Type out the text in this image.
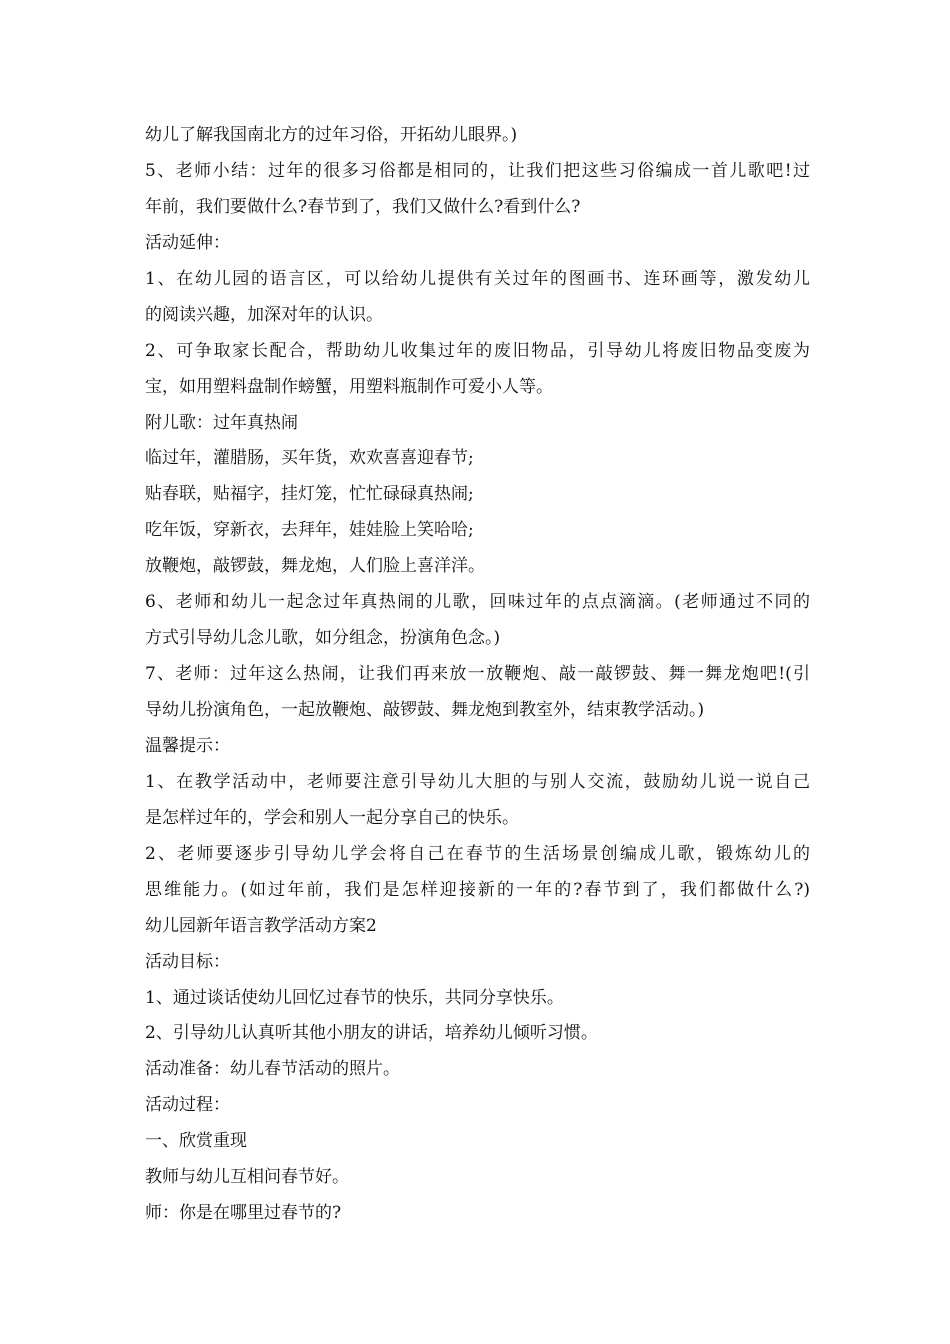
幼儿了解我国南北方的过年习俗，开拓幼儿眼界。)
5、老师小结：过年的很多习俗都是相同的，让我们把这些习俗编成一首儿歌吧!过
年前，我们要做什么?春节到了，我们又做什么?看到什么?
活动延伸：
1、在幼儿园的语言区，可以给幼儿提供有关过年的图画书、连环画等，激发幼儿
的阅读兴趣，加深对年的认识。
2、可争取家长配合，帮助幼儿收集过年的废旧物品，引导幼儿将废旧物品变废为
宝，如用塑料盘制作螃蟹，用塑料瓶制作可爱小人等。
附儿歌：过年真热闹
临过年，灌腊肠，买年货，欢欢喜喜迎春节;
贴春联，贴福字，挂灯笼，忙忙碌碌真热闹;
吃年饭，穿新衣，去拜年，娃娃脸上笑哈哈;
放鞭炮，敲锣鼓，舞龙炮，人们脸上喜洋洋。
6、老师和幼儿一起念过年真热闹的儿歌，回味过年的点点滴滴。(老师通过不同的
方式引导幼儿念儿歌，如分组念，扮演角色念。)
7、老师：过年这么热闹，让我们再来放一放鞭炮、敲一敲锣鼓、舞一舞龙炮吧!(引
导幼儿扮演角色，一起放鞭炮、敲锣鼓、舞龙炮到教室外，结束教学活动。)
温馨提示：
1、在教学活动中，老师要注意引导幼儿大胆的与别人交流，鼓励幼儿说一说自己
是怎样过年的，学会和别人一起分享自己的快乐。
2、老师要逐步引导幼儿学会将自己在春节的生活场景创编成儿歌，锻炼幼儿的
思维能力。(如过年前，我们是怎样迎接新的一年的?春节到了，我们都做什么?)
幼儿园新年语言教学活动方案2
活动目标：
1、通过谈话使幼儿回忆过春节的快乐，共同分享快乐。
2、引导幼儿认真听其他小朋友的讲话，培养幼儿倾听习惯。
活动准备：幼儿春节活动的照片。
活动过程：
一、欣赏重现
教师与幼儿互相问春节好。
师：你是在哪里过春节的?
